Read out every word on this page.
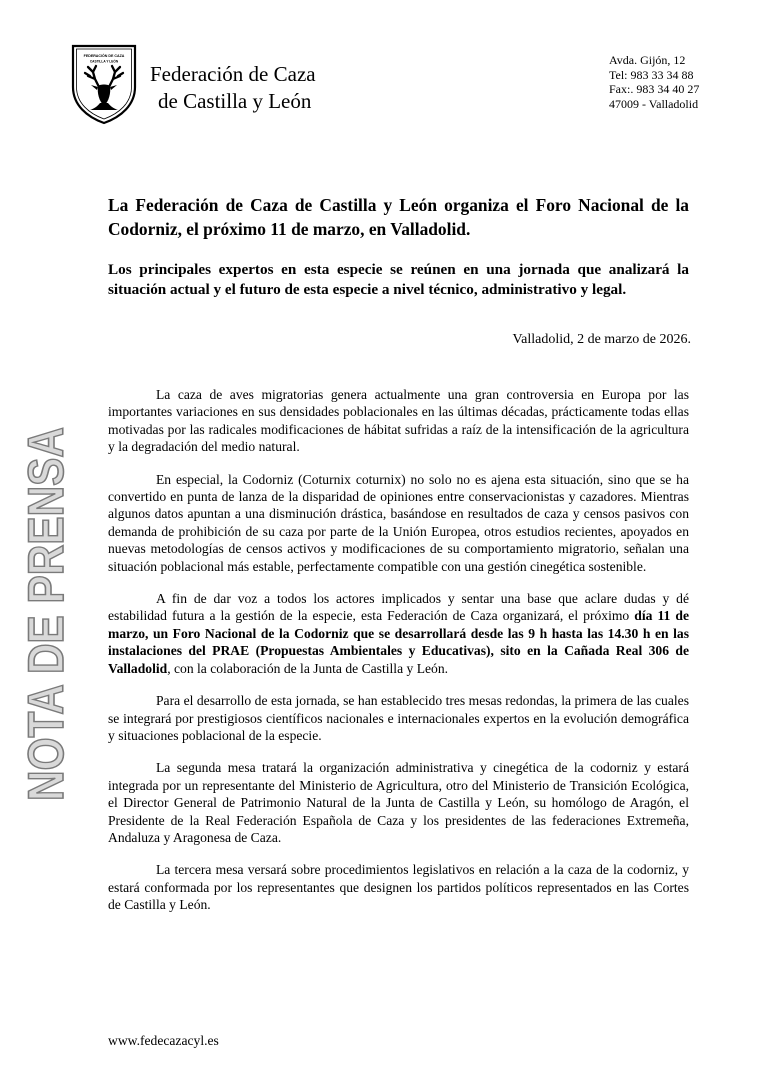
FEDERACIÓN DE CAZA
CASTILLA Y LEÓN
Federación de Caza
de Castilla y León
Avda. Gijón, 12
Tel: 983 33 34 88
Fax:. 983 34 40 27
47009 - Valladolid
La Federación de Caza de Castilla y León organiza el Foro Nacional de la Codorniz, el próximo 11 de marzo, en Valladolid.

Los principales expertos en esta especie se reúnen en una jornada que analizará la situación actual y el futuro de esta especie a nivel técnico, administrativo y legal.

Valladolid, 2 de marzo de 2026.

NOTA DE PRENSA	La caza de aves migratorias genera actualmente una gran controversia en Europa por las importantes variaciones en sus densidades poblacionales en las últimas décadas, prácticamente todas ellas motivadas por las radicales modificaciones de hábitat sufridas a raíz de la intensificación de la agricultura y la degradación del medio natural.

En especial, la Codorniz (Coturnix coturnix) no solo no es ajena esta situación, sino que se ha convertido en punta de lanza de la disparidad de opiniones entre conservacionistas y cazadores. Mientras algunos datos apuntan a una disminución drástica, basándose en resultados de caza y censos pasivos con demanda de prohibición de su caza por parte de la Unión Europea, otros estudios recientes, apoyados en nuevas metodologías de censos activos y modificaciones de su comportamiento migratorio, señalan una situación poblacional más estable, perfectamente compatible con una gestión cinegética sostenible.

A fin de dar voz a todos los actores implicados y sentar una base que aclare dudas y dé estabilidad futura a la gestión de la especie, esta Federación de Caza organizará, el próximo día 11 de marzo, un Foro Nacional de la Codorniz que se desarrollará desde las 9 h hasta las 14.30 h en las instalaciones del PRAE (Propuestas Ambientales y Educativas), sito en la Cañada Real 306 de Valladolid, con la colaboración de la Junta de Castilla y León.

Para el desarrollo de esta jornada, se han establecido tres mesas redondas, la primera de las cuales se integrará por prestigiosos científicos nacionales e internacionales expertos en la evolución demográfica y situaciones poblacional de la especie.

La segunda mesa tratará la organización administrativa y cinegética de la codorniz y estará integrada por un representante del Ministerio de Agricultura, otro del Ministerio de Transición Ecológica, el Director General de Patrimonio Natural de la Junta de Castilla y León, su homólogo de Aragón, el Presidente de la Real Federación Española de Caza y los presidentes de las federaciones Extremeña, Andaluza y Aragonesa de Caza.

La tercera mesa versará sobre procedimientos legislativos en relación a la caza de la codorniz, y estará conformada por los representantes que designen los partidos políticos representados en las Cortes de Castilla y León.

www.fedecazacyl.es
